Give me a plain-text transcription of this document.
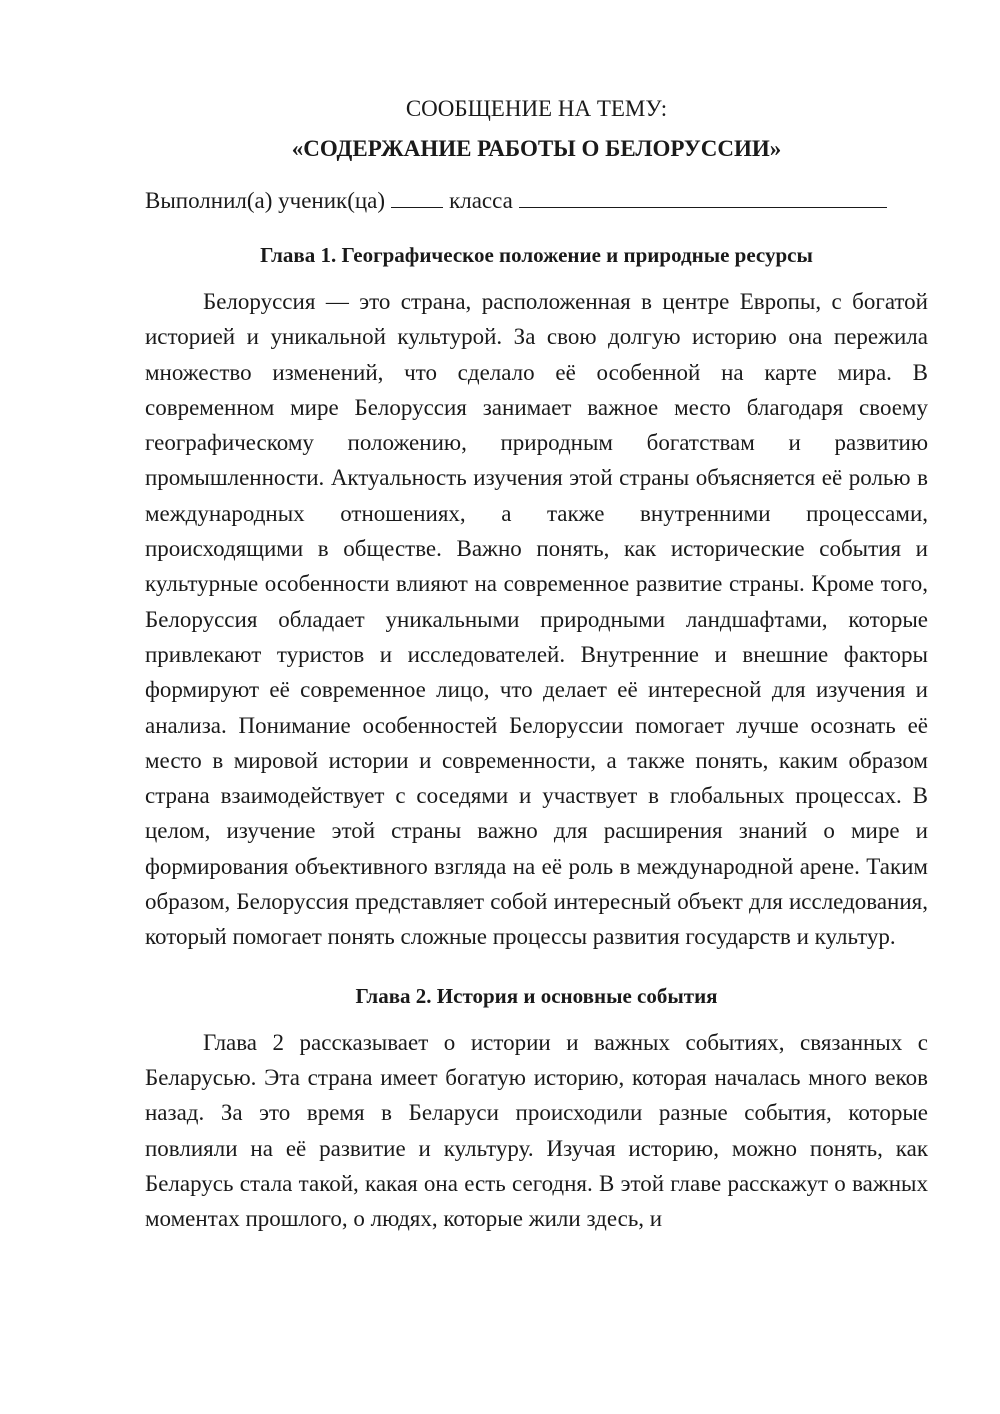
СООБЩЕНИЕ НА ТЕМУ:

«СОДЕРЖАНИЕ РАБОТЫ О БЕЛОРУССИИ»

Выполнил(а) ученик(ца)	класса

Глава 1. Географическое положение и природные ресурсы

Белоруссия — это страна, расположенная в центре Европы, с богатой историей и уникальной культурой. За свою долгую историю она пережила множество изменений, что сделало её особенной на карте мира. В современном мире Белоруссия занимает важное место благодаря своему географическому положению, природным богатствам и развитию промышленности. Актуальность изучения этой страны объясняется её ролью в международных отношениях, а также внутренними процессами, происходящими в обществе. Важно понять, как исторические события и культурные особенности влияют на современное развитие страны. Кроме того, Белоруссия обладает уникальными природными ландшафтами, которые привлекают туристов и исследователей. Внутренние и внешние факторы формируют её современное лицо, что делает её интересной для изучения и анализа. Понимание особенностей Белоруссии помогает лучше осознать её место в мировой истории и современности, а также понять, каким образом страна взаимодействует с соседями и участвует в глобальных процессах. В целом, изучение этой страны важно для расширения знаний о мире и формирования объективного взгляда на её роль в международной арене. Таким образом, Белоруссия представляет собой интересный объект для исследования, который помогает понять сложные процессы развития государств и культур.

Глава 2. История и основные события

Глава 2 рассказывает о истории и важных событиях, связанных с Беларусью. Эта страна имеет богатую историю, которая началась много веков назад. За это время в Беларуси происходили разные события, которые повлияли на её развитие и культуру. Изучая историю, можно понять, как Беларусь стала такой, какая она есть сегодня. В этой главе расскажут о важных моментах прошлого, о людях, которые жили здесь, и
